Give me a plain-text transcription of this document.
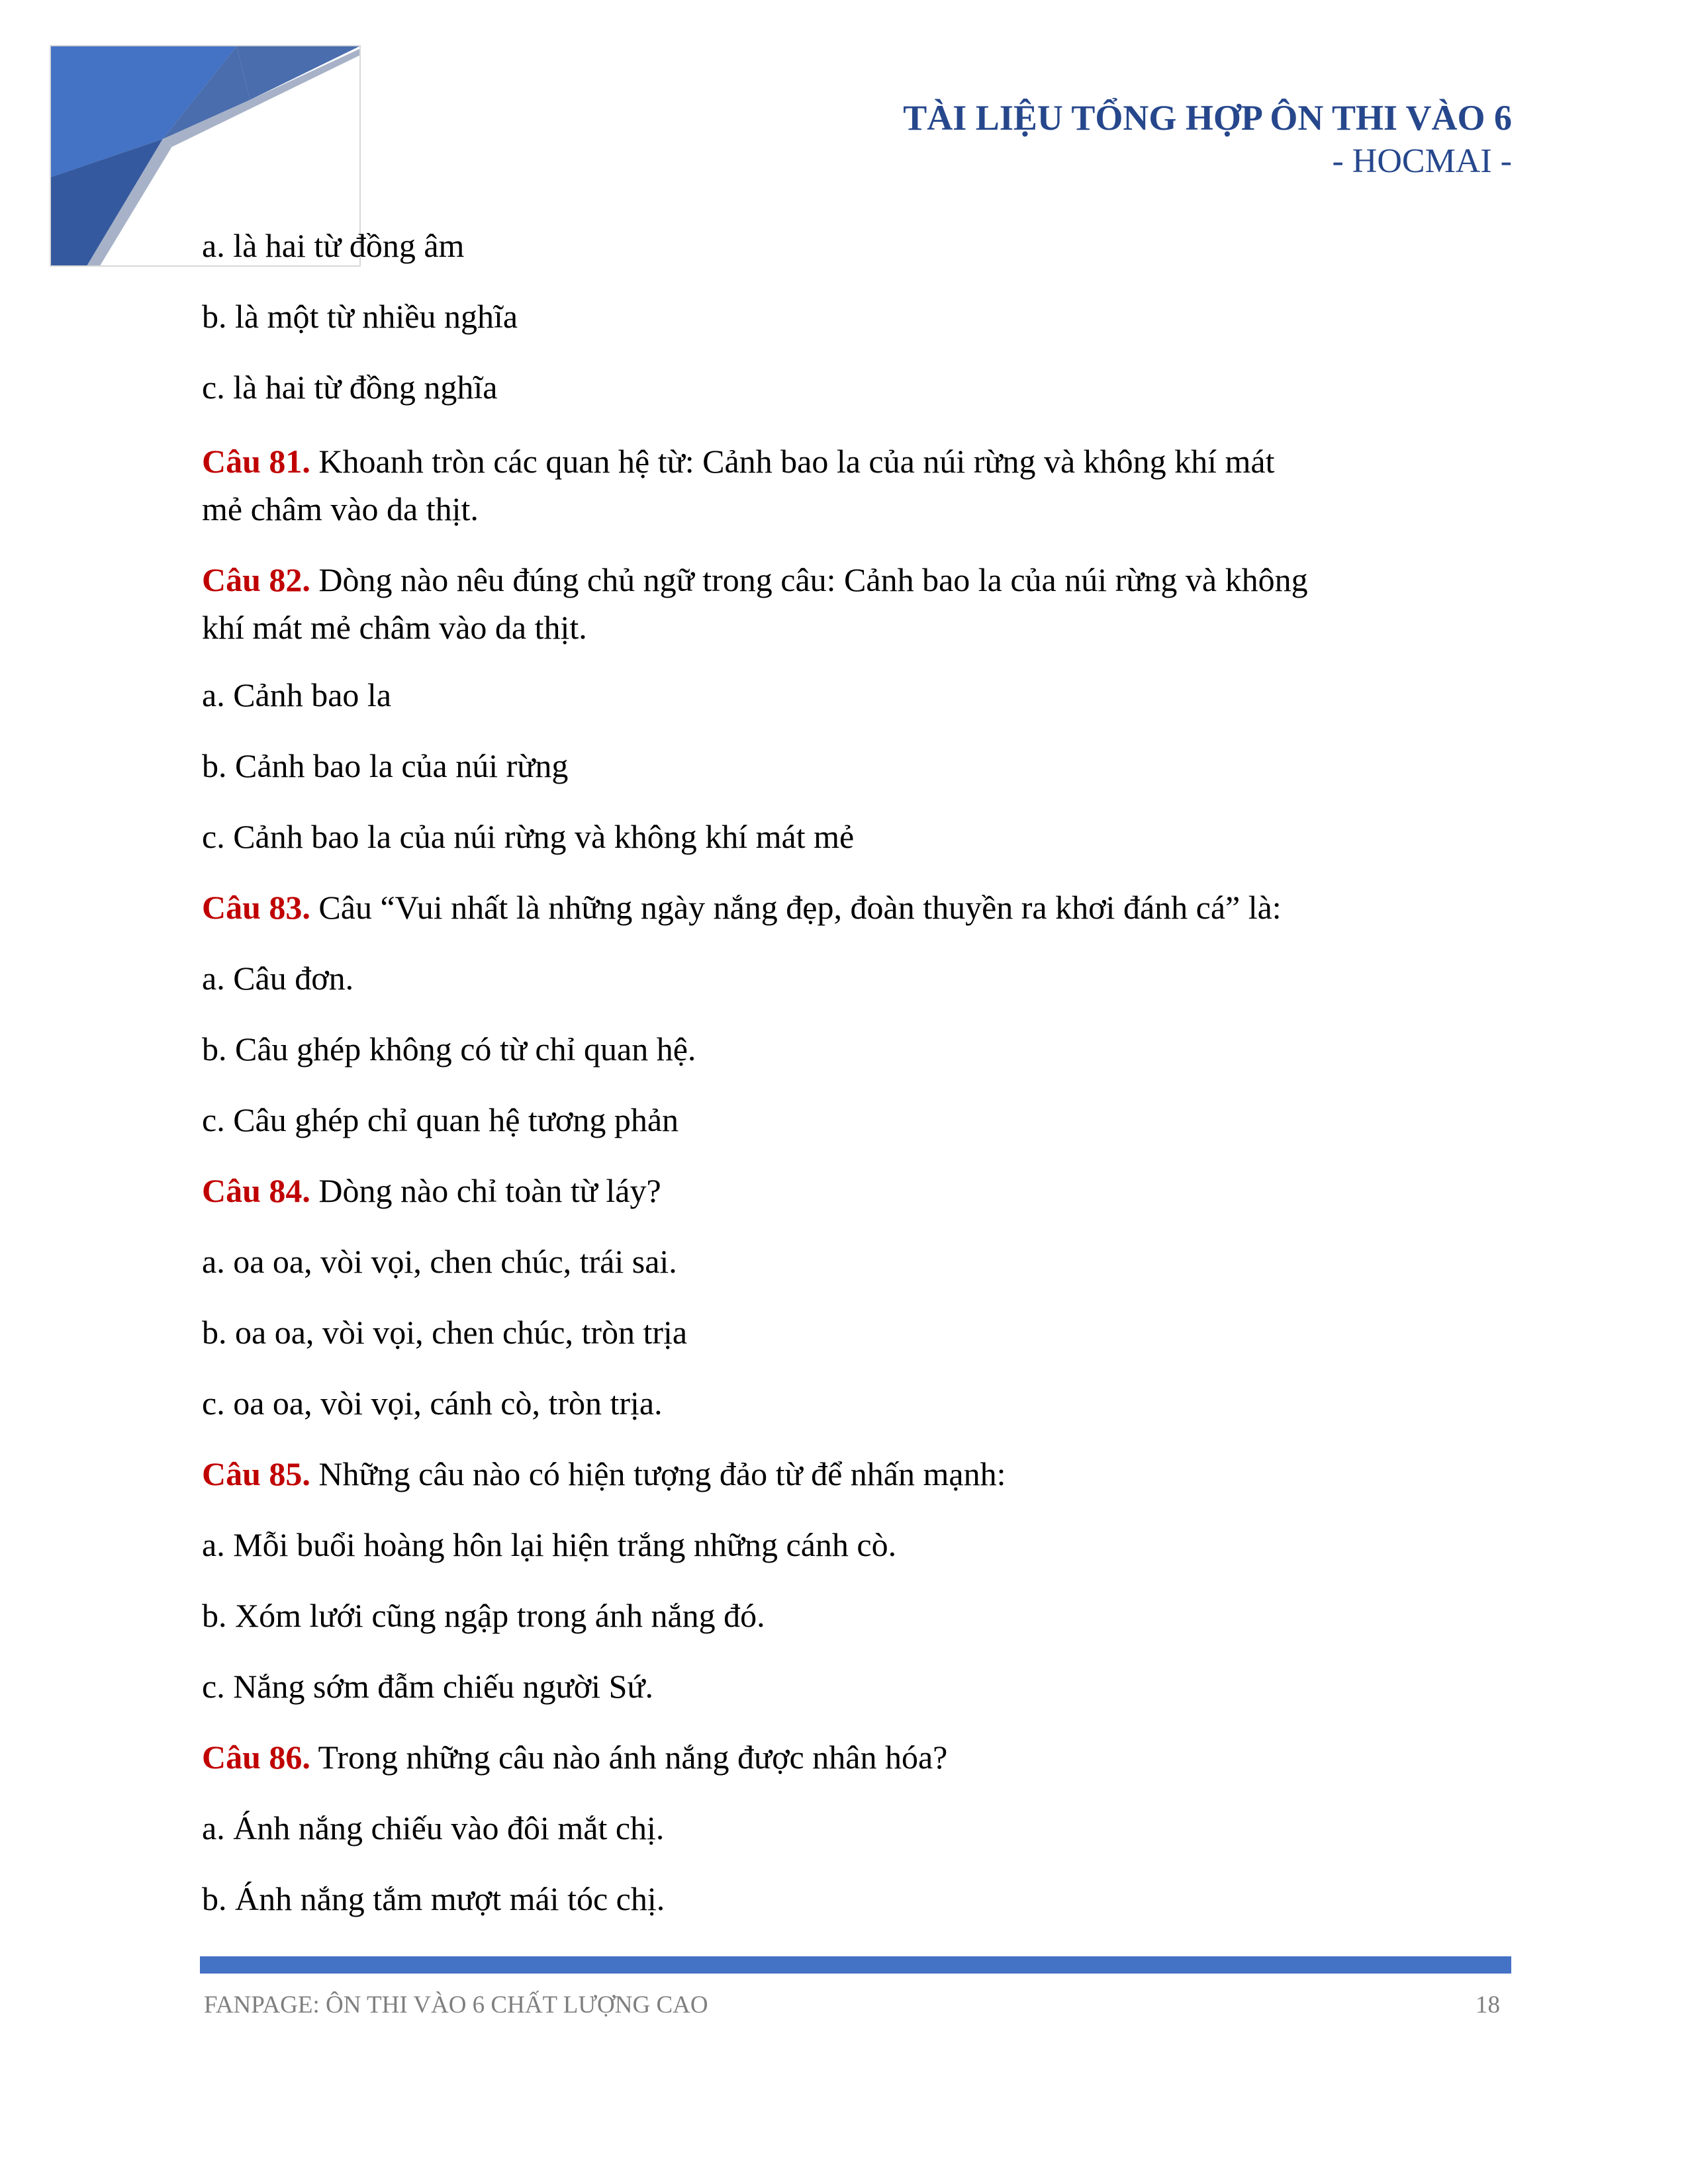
TÀI LIỆU TỔNG HỢP ÔN THI VÀO 6
- HOCMAI -
a. là hai từ đồng âm
b. là một từ nhiều nghĩa
c. là hai từ đồng nghĩa
Câu 81. Khoanh tròn các quan hệ từ: Cảnh bao la của núi rừng và không khí mát
mẻ châm vào da thịt.
Câu 82. Dòng nào nêu đúng chủ ngữ trong câu: Cảnh bao la của núi rừng và không
khí mát mẻ châm vào da thịt.
a. Cảnh bao la
b. Cảnh bao la của núi rừng
c. Cảnh bao la của núi rừng và không khí mát mẻ
Câu 83. Câu “Vui nhất là những ngày nắng đẹp, đoàn thuyền ra khơi đánh cá” là:
a. Câu đơn.
b. Câu ghép không có từ chỉ quan hệ.
c. Câu ghép chỉ quan hệ tương phản
Câu 84. Dòng nào chỉ toàn từ láy?
a. oa oa, vòi vọi, chen chúc, trái sai.
b. oa oa, vòi vọi, chen chúc, tròn trịa
c. oa oa, vòi vọi, cánh cò, tròn trịa.
Câu 85. Những câu nào có hiện tượng đảo từ để nhấn mạnh:
a. Mỗi buổi hoàng hôn lại hiện trắng những cánh cò.
b. Xóm lưới cũng ngập trong ánh nắng đó.
c. Nắng sớm đẫm chiếu người Sứ.
Câu 86. Trong những câu nào ánh nắng được nhân hóa?
a. Ánh nắng chiếu vào đôi mắt chị.
b. Ánh nắng tắm mượt mái tóc chị.
FANPAGE: ÔN THI VÀO 6 CHẤT LƯỢNG CAO	18
